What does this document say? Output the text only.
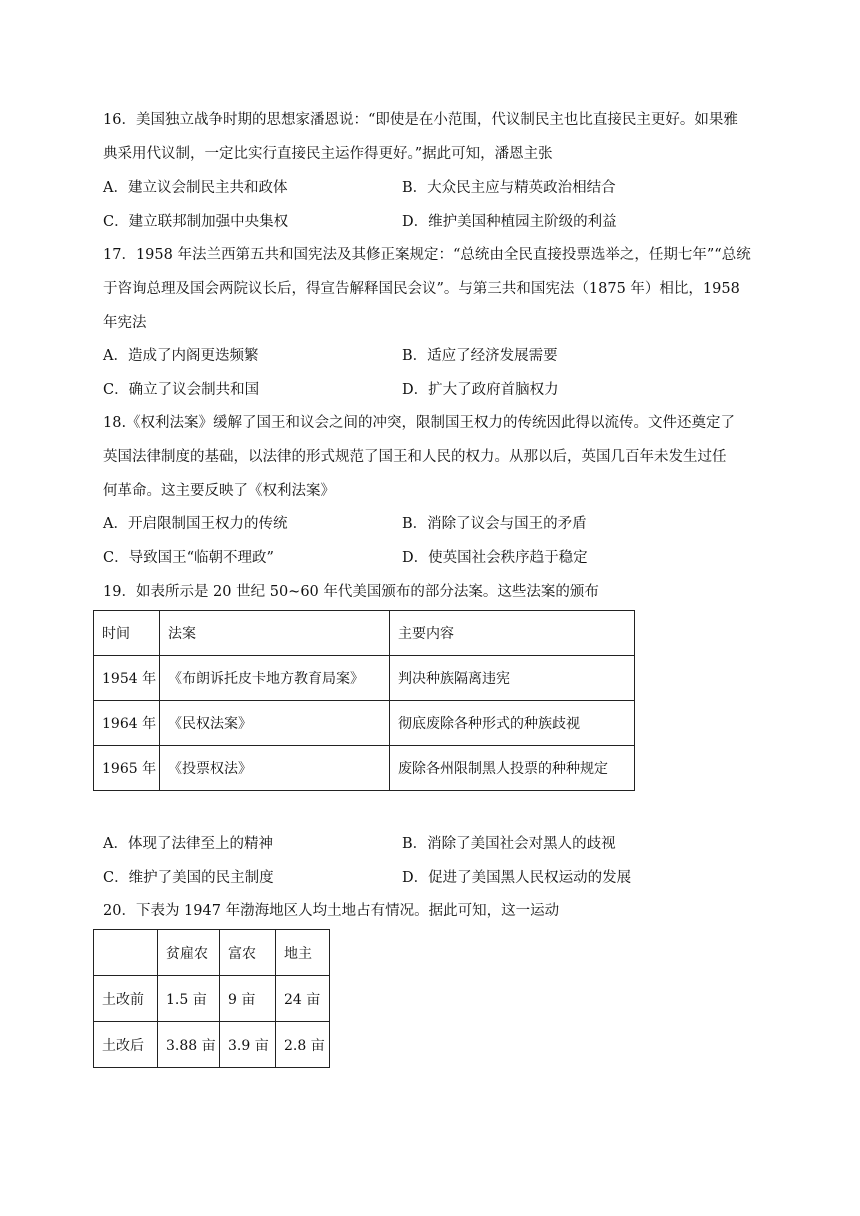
16．美国独立战争时期的思想家潘恩说：“即使是在小范围，代议制民主也比直接民主更好。如果雅
典采用代议制，一定比实行直接民主运作得更好。”据此可知，潘恩主张
A．建立议会制民主共和政体	B．大众民主应与精英政治相结合
C．建立联邦制加强中央集权	D．维护美国种植园主阶级的利益
17．1958 年法兰西第五共和国宪法及其修正案规定：“总统由全民直接投票选举之，任期七年”“总统
于咨询总理及国会两院议长后，得宣告解释国民会议”。与第三共和国宪法（1875 年）相比，1958
年宪法
A．造成了内阁更迭频繁	B．适应了经济发展需要
C．确立了议会制共和国	D．扩大了政府首脑权力
18.《权利法案》缓解了国王和议会之间的冲突，限制国王权力的传统因此得以流传。文件还奠定了
英国法律制度的基础，以法律的形式规范了国王和人民的权力。从那以后，英国几百年未发生过任
何革命。这主要反映了《权利法案》
A．开启限制国王权力的传统	B．消除了议会与国王的矛盾
C．导致国王“临朝不理政”	D．使英国社会秩序趋于稳定
19．如表所示是 20 世纪 50~60 年代美国颁布的部分法案。这些法案的颁布
时间	法案	主要内容
1954 年	《布朗诉托皮卡地方教育局案》	判决种族隔离违宪
1964 年	《民权法案》	彻底废除各种形式的种族歧视
1965 年	《投票权法》	废除各州限制黑人投票的种种规定
A．体现了法律至上的精神	B．消除了美国社会对黑人的歧视
C．维护了美国的民主制度	D．促进了美国黑人民权运动的发展
20．下表为 1947 年渤海地区人均土地占有情况。据此可知，这一运动
	贫雇农	富农	地主
土改前	1.5 亩	9 亩	24 亩
土改后	3.88 亩	3.9 亩	2.8 亩
